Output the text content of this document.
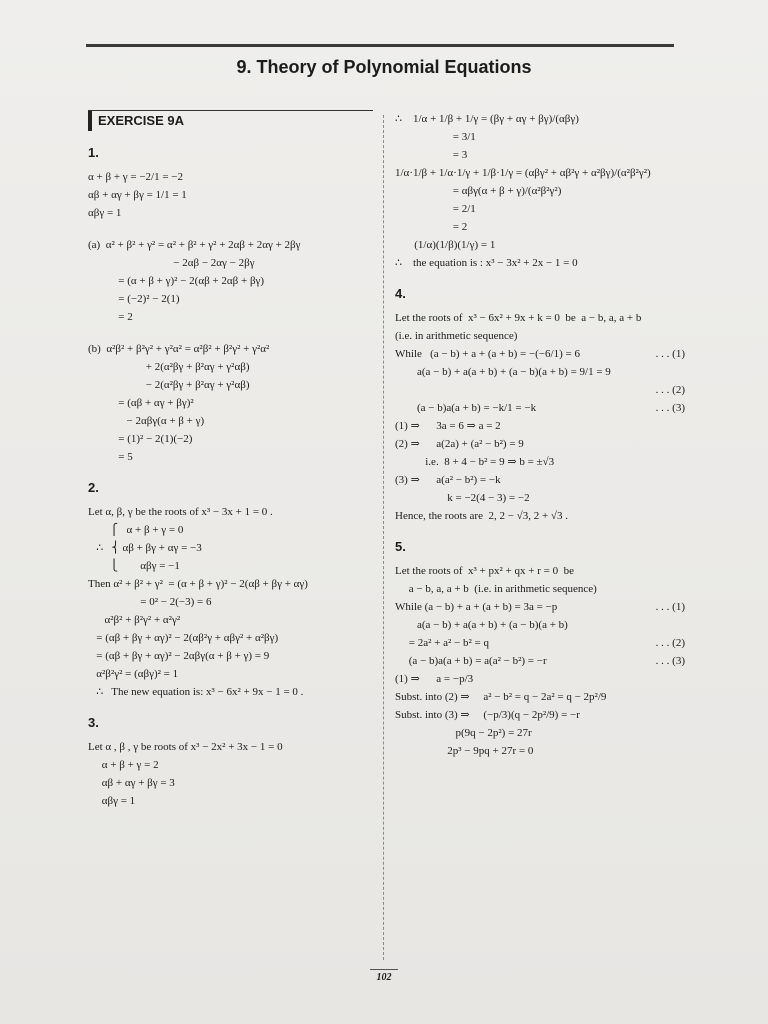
9. Theory of Polynomial Equations
EXERCISE 9A
1.
α + β + γ = −2/1 = −2
αβ + αγ + βγ = 1/1 = 1
αβγ = 1
(a)  α² + β² + γ² = α² + β² + γ² + 2αβ + 2αγ + 2βγ
− 2αβ − 2αγ − 2βγ
= (α + β + γ)² − 2(αβ + 2αβ + βγ)
= (−2)² − 2(1)
= 2
(b)  α²β² + β²γ² + γ²α² = α²β² + β²γ² + γ²α²
+ 2(α²βγ + β²αγ + γ²αβ)
− 2(α²βγ + β²αγ + γ²αβ)
= (αβ + αγ + βγ)²
− 2αβγ(α + β + γ)
= (1)² − 2(1)(−2)
= 5
2.
Let α, β, γ be the roots of x³ − 3x + 1 = 0 .
⎧   α + β + γ = 0
∴   ⎨ αβ + βγ + αγ = −3
⎩        αβγ = −1
Then α² + β² + γ²  = (α + β + γ)² − 2(αβ + βγ + αγ)
= 0² − 2(−3) = 6
α²β² + β²γ² + α²γ²
= (αβ + βγ + αγ)² − 2(αβ²γ + αβγ² + α²βγ)
= (αβ + βγ + αγ)² − 2αβγ(α + β + γ) = 9
α²β²γ² = (αβγ)² = 1
∴   The new equation is: x³ − 6x² + 9x − 1 = 0 .
3.
Let α , β , γ be roots of x³ − 2x² + 3x − 1 = 0
α + β + γ = 2
αβ + αγ + βγ = 3
αβγ = 1
∴    1/α + 1/β + 1/γ = (βγ + αγ + βγ)/(αβγ)
= 3/1
= 3
1/α·1/β + 1/α·1/γ + 1/β·1/γ = (αβγ² + αβ²γ + α²βγ)/(α²β²γ²)
= αβγ(α + β + γ)/(α²β²γ²)
= 2/1
= 2
(1/α)(1/β)(1/γ) = 1
∴    the equation is : x³ − 3x² + 2x − 1 = 0
4.
Let the roots of  x³ − 6x² + 9x + k = 0  be  a − b, a, a + b
(i.e. in arithmetic sequence)
While   (a − b) + a + (a + b) = −(−6/1) = 6	. . . (1)
a(a − b) + a(a + b) + (a − b)(a + b) = 9/1 = 9
. . . (2)
(a − b)a(a + b) = −k/1 = −k	. . . (3)
(1) ⇒      3a = 6 ⇒ a = 2
(2) ⇒      a(2a) + (a² − b²) = 9
i.e.  8 + 4 − b² = 9 ⇒ b = ±√3
(3) ⇒      a(a² − b²) = −k
k = −2(4 − 3) = −2
Hence, the roots are  2, 2 − √3, 2 + √3 .
5.
Let the roots of  x³ + px² + qx + r = 0  be
a − b, a, a + b  (i.e. in arithmetic sequence)
While (a − b) + a + (a + b) = 3a = −p	. . . (1)
a(a − b) + a(a + b) + (a − b)(a + b)
= 2a² + a² − b² = q	. . . (2)
(a − b)a(a + b) = a(a² − b²) = −r	. . . (3)
(1) ⇒      a = −p/3
Subst. into (2) ⇒     a² − b² = q − 2a² = q − 2p²/9
Subst. into (3) ⇒     (−p/3)(q − 2p²/9) = −r
p(9q − 2p²) = 27r
2p³ − 9pq + 27r = 0
102
